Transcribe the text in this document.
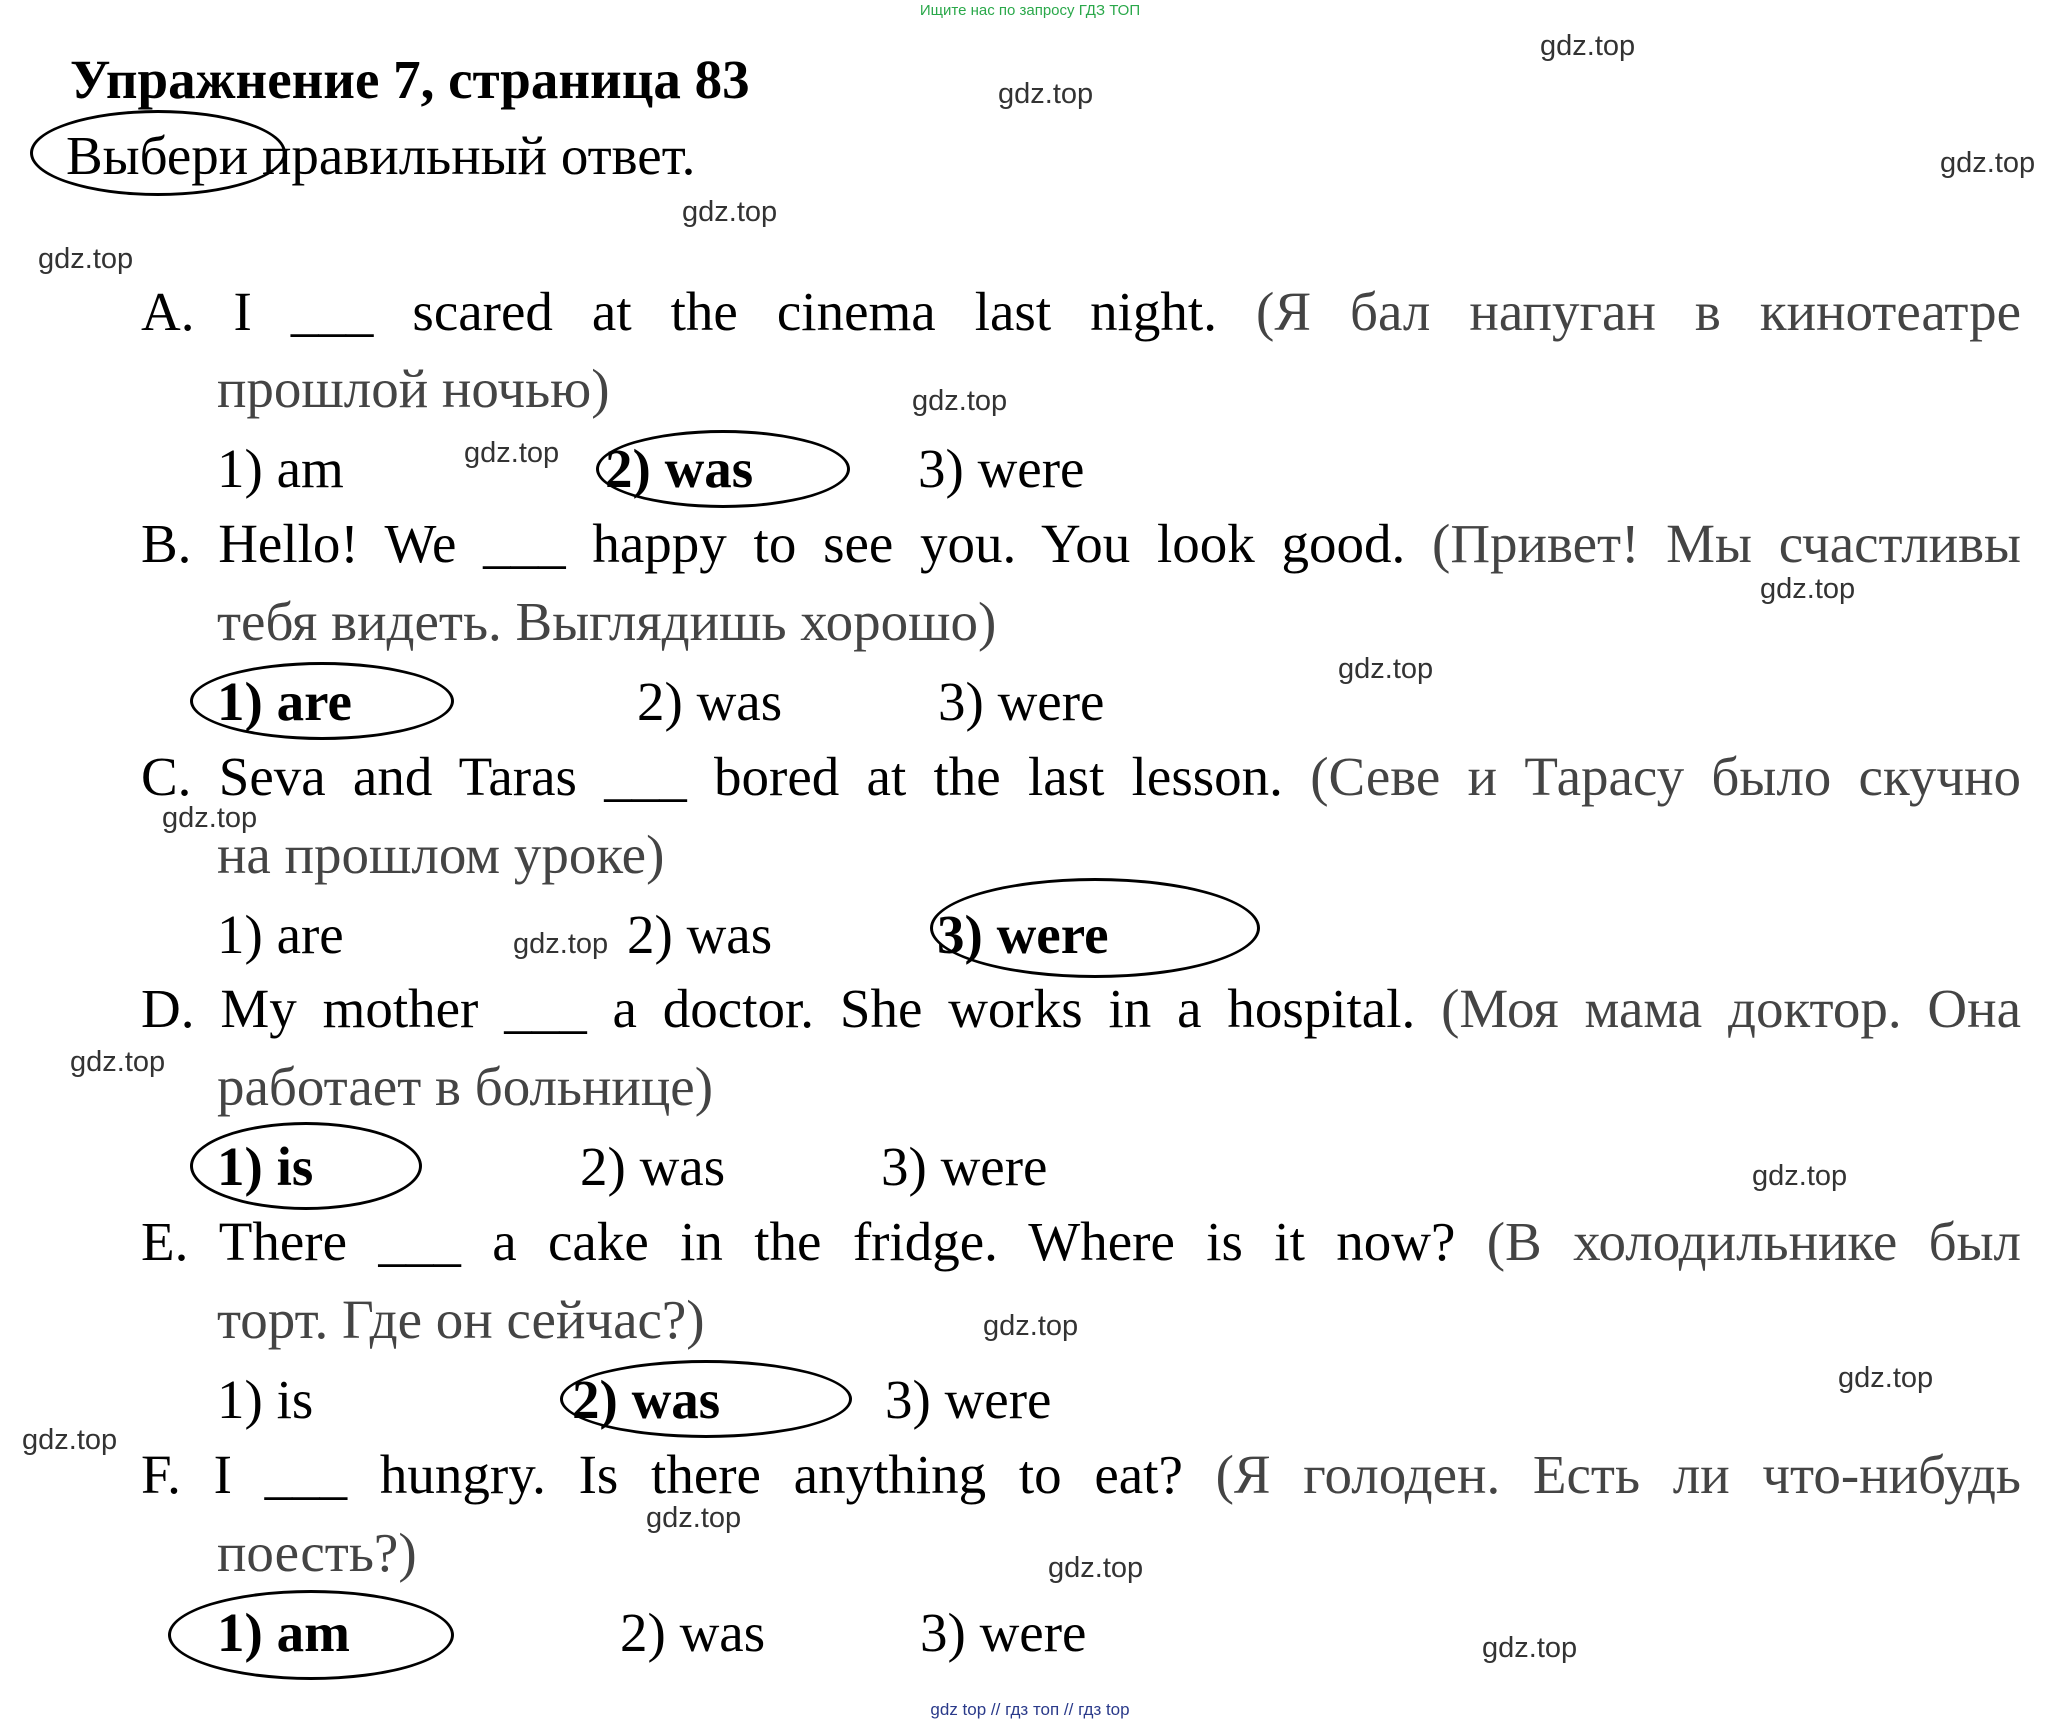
Ищите нас по запросу ГДЗ ТОП
Упражнение 7, страница 83
Выбери правильный ответ.
A. I ___ scared at the cinema last night. (Я бал напуган в кинотеатре
прошлой ночью)
1) am	2) was	3) were
B. Hello! We ___ happy to see you. You look good. (Привет! Мы счастливы
тебя видеть. Выглядишь хорошо)
1) are	2) was	3) were
C. Seva and Taras ___ bored at the last lesson. (Севе и Тарасу было скучно
на прошлом уроке)
1) are	2) was	3) were
D. My mother ___ a doctor. She works in a hospital. (Моя мама доктор. Она
работает в больнице)
1) is	2) was	3) were
E. There ___ a cake in the fridge. Where is it now? (В холодильнике был
торт. Где он сейчас?)
1) is	2) was	3) were
F. I ___ hungry. Is there anything to eat? (Я голоден. Есть ли что-нибудь
поесть?)
1) am	2) was	3) were
gdz.top
gdz.top
gdz.top
gdz.top
gdz.top
gdz.top
gdz.top
gdz.top
gdz.top
gdz.top
gdz.top
gdz.top
gdz.top
gdz.top
gdz.top
gdz.top
gdz.top
gdz.top
gdz.top
gdz top // гдз топ // гдз top
